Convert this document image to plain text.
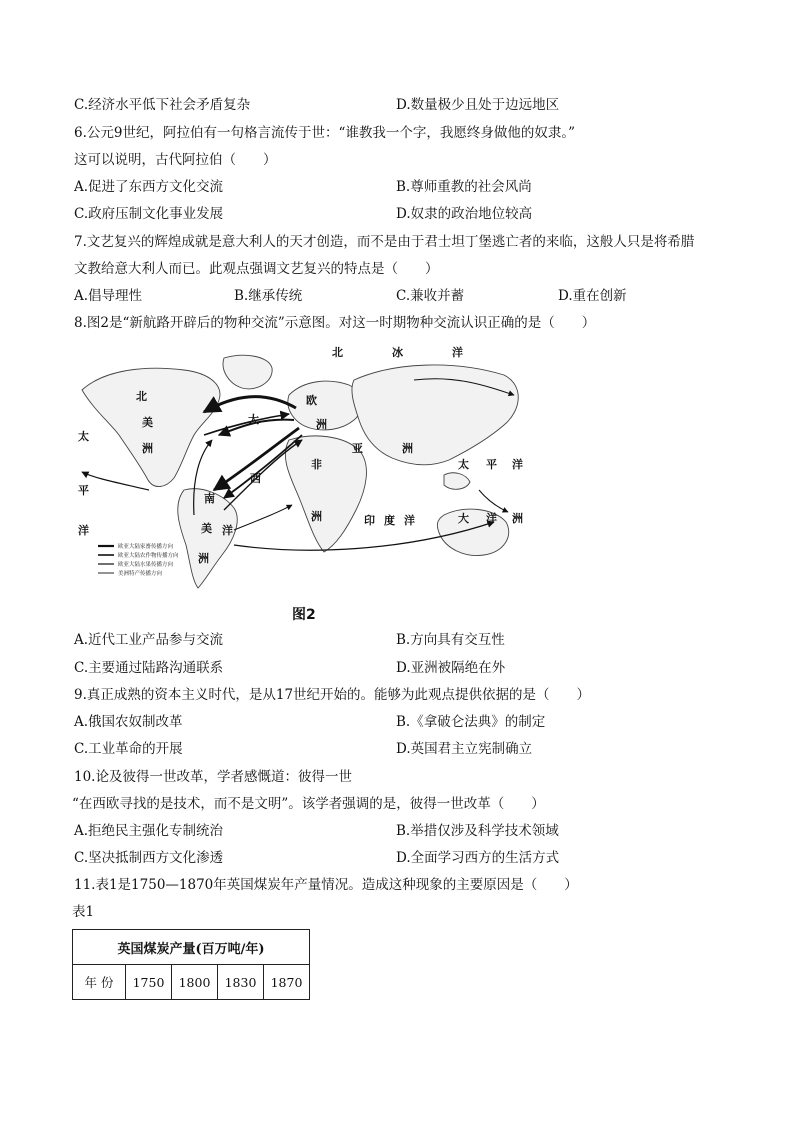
C.经济水平低下社会矛盾复杂	D.数量极少且处于边远地区
6.公元9世纪，阿拉伯有一句格言流传于世：“谁教我一个字，我愿终身做他的奴隶。”
这可以说明，古代阿拉伯（　　）
A.促进了东西方文化交流	B.尊师重教的社会风尚
C.政府压制文化事业发展	D.奴隶的政治地位较高
7.文艺复兴的辉煌成就是意大利人的天才创造，而不是由于君士坦丁堡逃亡者的来临，这般人只是将希腊
文教给意大利人而已。此观点强调文艺复兴的特点是（　　）
A.倡导理性	B.继承传统	C.兼收并蓄	D.重在创新
8.图2是“新航路开辟后的物种交流”示意图。对这一时期物种交流认识正确的是（　　）
北	冰	洋
北
美
洲
南
美
洲
大
西
洋
欧
洲
非
洲
亚	洲
印 度 洋
太
平
洋
太 平 洋
大 洋 洲
欧亚大陆家畜传播方向
欧亚大陆农作物传播方向
欧亚大陆水果传播方向
美洲特产传播方向
图2
A.近代工业产品参与交流	B.方向具有交互性
C.主要通过陆路沟通联系	D.亚洲被隔绝在外
9.真正成熟的资本主义时代，是从17世纪开始的。能够为此观点提供依据的是（　　）
A.俄国农奴制改革	B.《拿破仑法典》的制定
C.工业革命的开展	D.英国君主立宪制确立
10.论及彼得一世改革，学者感慨道：彼得一世
“在西欧寻找的是技术，而不是文明”。该学者强调的是，彼得一世改革（　　）
A.拒绝民主强化专制统治	B.举措仅涉及科学技术领域
C.坚决抵制西方文化渗透	D.全面学习西方的生活方式
11.表1是1750—1870年英国煤炭年产量情况。造成这种现象的主要原因是（　　）
表1
英国煤炭产量(百万吨/年)
年 份	1750	1800	1830	1870
